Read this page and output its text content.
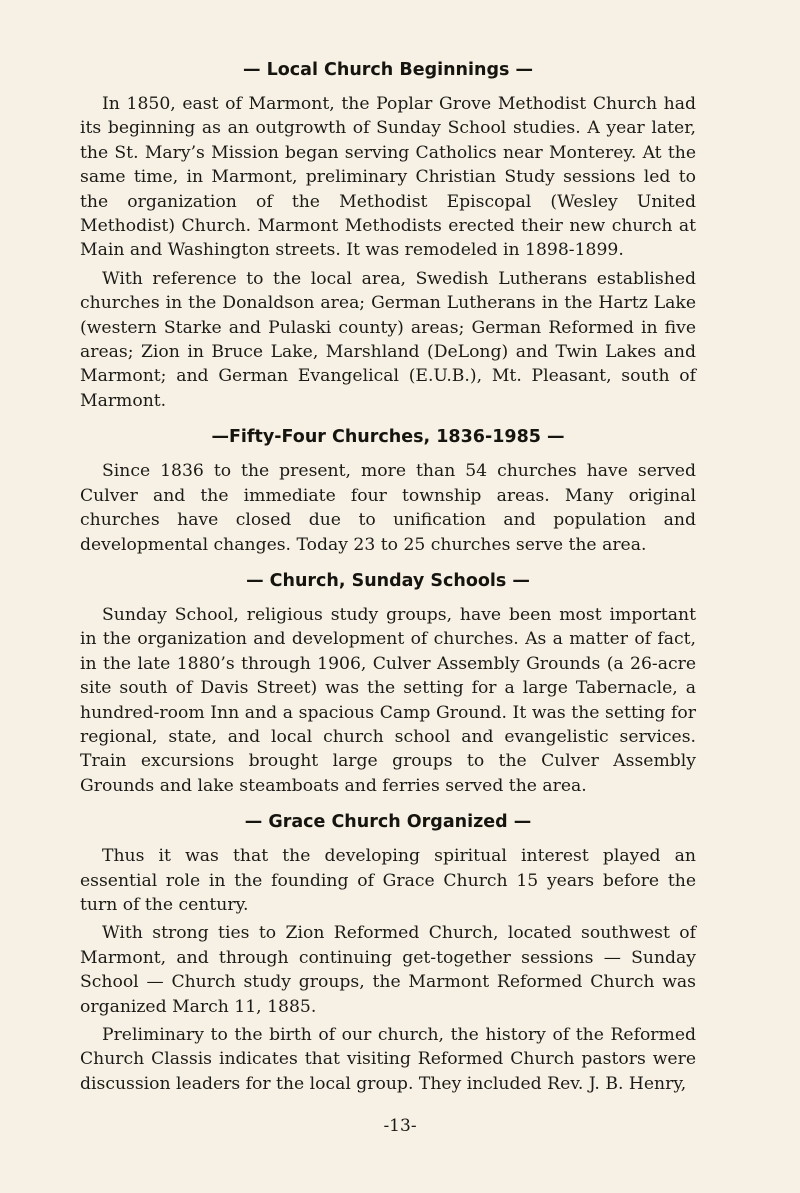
— Local Church Beginnings —

In 1850, east of Marmont, the Poplar Grove Methodist Church had its beginning as an outgrowth of Sunday School studies. A year later, the St. Mary’s Mission began serving Catholics near Monterey. At the same time, in Marmont, preliminary Christian Study sessions led to the organization of the Methodist Episcopal (Wesley United Methodist) Church. Marmont Methodists erected their new church at Main and Washington streets. It was remodeled in 1898-1899.

With reference to the local area, Swedish Lutherans established churches in the Donaldson area; German Lutherans in the Hartz Lake (western Starke and Pulaski county) areas; German Reformed in five areas; Zion in Bruce Lake, Marshland (DeLong) and Twin Lakes and Marmont; and German Evangelical (E.U.B.), Mt. Pleasant, south of Marmont.

—Fifty-Four Churches, 1836-1985 —

Since 1836 to the present, more than 54 churches have served Culver and the immediate four township areas. Many original churches have closed due to unification and population and developmental changes. Today 23 to 25 churches serve the area.

— Church, Sunday Schools —

Sunday School, religious study groups, have been most important in the organization and development of churches. As a matter of fact, in the late 1880’s through 1906, Culver Assembly Grounds (a 26-acre site south of Davis Street) was the setting for a large Tabernacle, a hundred-room Inn and a spacious Camp Ground. It was the setting for regional, state, and local church school and evangelistic services. Train excursions brought large groups to the Culver Assembly Grounds and lake steamboats and ferries served the area.

— Grace Church Organized —

Thus it was that the developing spiritual interest played an essential role in the founding of Grace Church 15 years before the turn of the century.

With strong ties to Zion Reformed Church, located southwest of Marmont, and through continuing get-together sessions — Sunday School — Church study groups, the Marmont Reformed Church was organized March 11, 1885.

Preliminary to the birth of our church, the history of the Reformed Church Classis indicates that visiting Reformed Church pastors were discussion leaders for the local group. They included Rev. J. B. Henry,

-13-
